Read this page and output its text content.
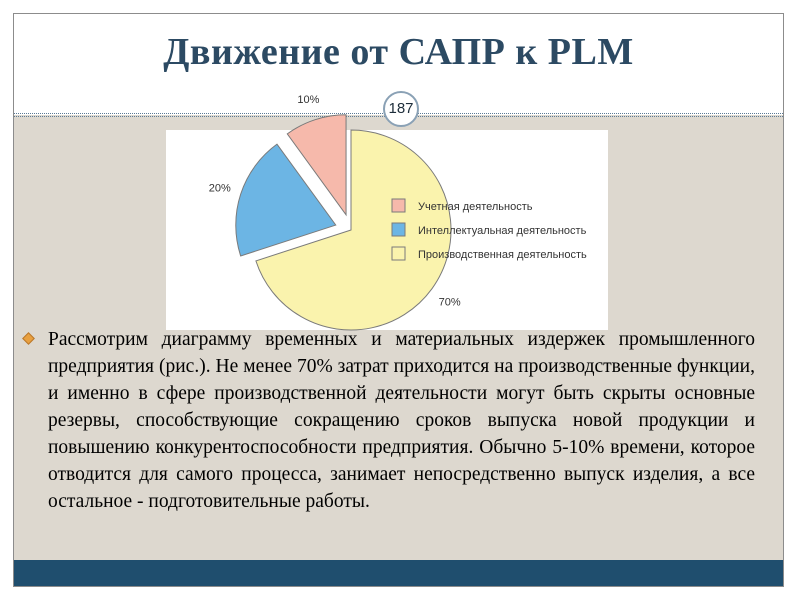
Движение от САПР к PLM
187
10%
20%
70%
Учетная деятельность
Интеллектуальная деятельность
Производственная деятельность
Рассмотрим диаграмму временных и материальных издержек промышленного предприятия (рис.). Не менее 70% затрат приходится на производственные функции, и именно в сфере производственной деятельности могут быть скрыты основные резервы, способствующие сокращению сроков выпуска новой продукции и повышению конкурентоспособности предприятия. Обычно 5-10% времени, которое отводится для самого процесса, занимает непосредственно выпуск изделия, а все остальное - подготовительные работы.
